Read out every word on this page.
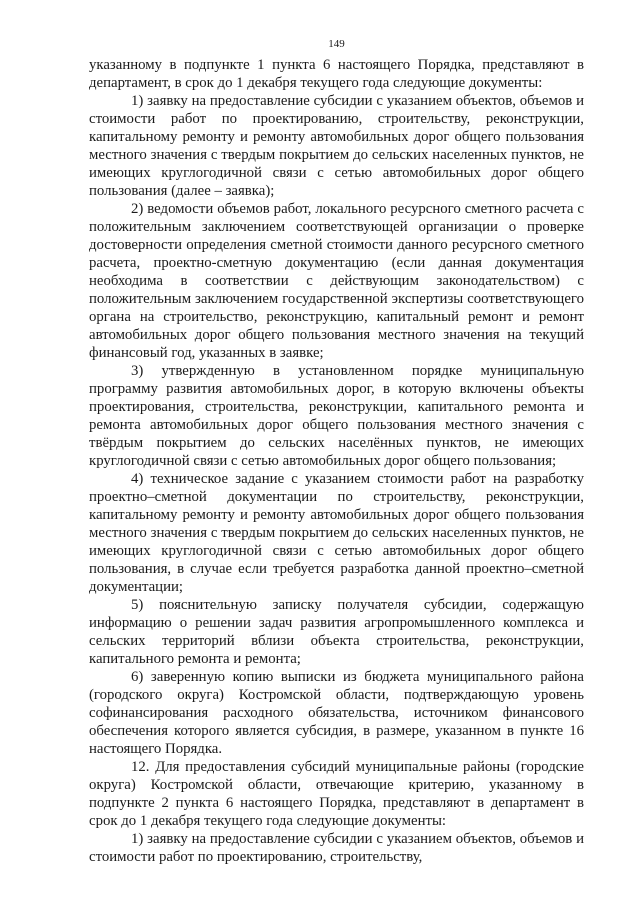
149

указанному в подпункте 1 пункта 6 настоящего Порядка, представляют в департамент, в срок до 1 декабря текущего года следующие документы:

1) заявку на предоставление субсидии с указанием объектов, объемов и стоимости работ по проектированию, строительству, реконструкции, капитальному ремонту и ремонту автомобильных дорог общего пользования местного значения с твердым покрытием до сельских населенных пунктов, не имеющих круглогодичной связи с сетью автомобильных дорог общего пользования (далее – заявка);

2) ведомости объемов работ, локального ресурсного сметного расчета с положительным заключением соответствующей организации о проверке достоверности определения сметной стоимости данного ресурсного сметного расчета, проектно-сметную документацию (если данная документация необходима в соответствии с действующим законодательством) с положительным заключением государственной экспертизы соответствующего органа на строительство, реконструкцию, капитальный ремонт и ремонт автомобильных дорог общего пользования местного значения на текущий финансовый год, указанных в заявке;

3) утвержденную в установленном порядке муниципальную программу развития автомобильных дорог, в которую включены объекты проектирования, строительства, реконструкции, капитального ремонта и ремонта автомобильных дорог общего пользования местного значения с твёрдым покрытием до сельских населённых пунктов, не имеющих круглогодичной связи с сетью автомобильных дорог общего пользования;

4) техническое задание с указанием стоимости работ на разработку проектно–сметной документации по строительству, реконструкции, капитальному ремонту и ремонту автомобильных дорог общего пользования местного значения с твердым покрытием до сельских населенных пунктов, не имеющих круглогодичной связи с сетью автомобильных дорог общего пользования, в случае если требуется разработка данной проектно–сметной документации;

5) пояснительную записку получателя субсидии, содержащую информацию о решении задач развития агропромышленного комплекса и сельских территорий вблизи объекта строительства, реконструкции, капитального ремонта и ремонта;

6) заверенную копию выписки из бюджета муниципального района (городского округа) Костромской области, подтверждающую уровень софинансирования расходного обязательства, источником финансового обеспечения которого является субсидия, в размере, указанном в пункте 16 настоящего Порядка.

12. Для предоставления субсидий муниципальные районы (городские округа) Костромской области, отвечающие критерию, указанному в подпункте 2 пункта 6 настоящего Порядка, представляют в департамент в срок до 1 декабря текущего года следующие документы:

1) заявку на предоставление субсидии с указанием объектов, объемов и стоимости работ по проектированию, строительству,
